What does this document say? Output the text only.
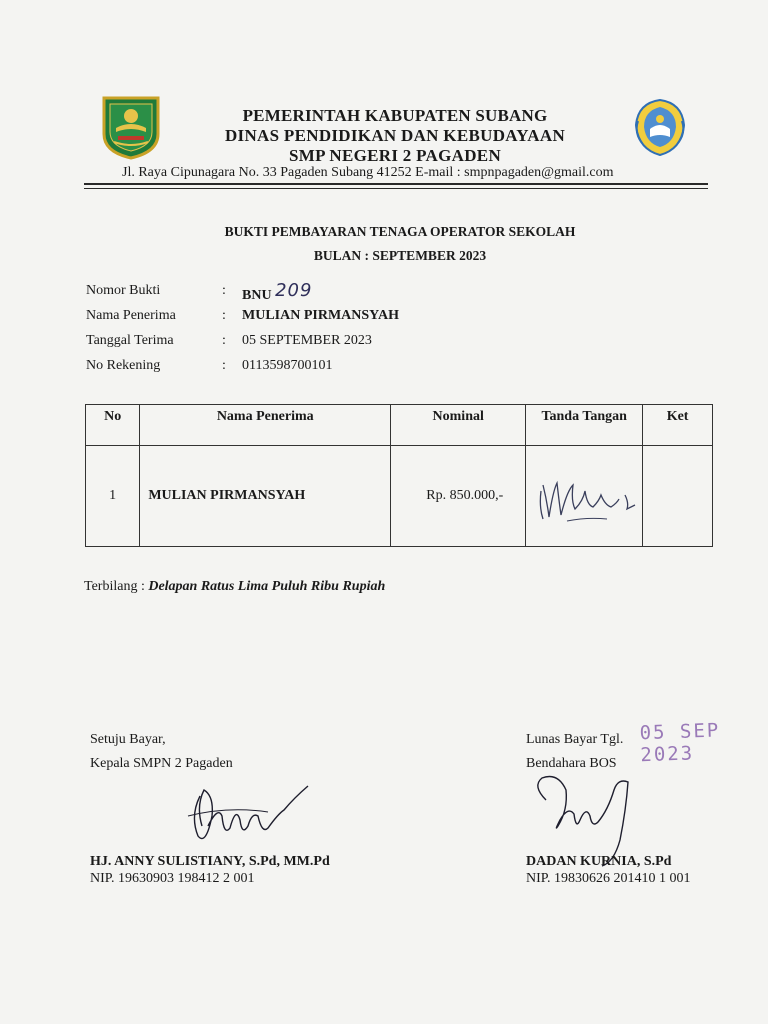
PEMERINTAH KABUPATEN SUBANG
DINAS PENDIDIKAN DAN KEBUDAYAAN
SMP NEGERI 2 PAGADEN
Jl. Raya Cipunagara No. 33 Pagaden Subang 41252 E-mail : smpnpagaden@gmail.com
BUKTI PEMBAYARAN TENAGA OPERATOR SEKOLAH
BULAN : SEPTEMBER 2023
Nomor Bukti	: BNU 209
Nama Penerima	: MULIAN PIRMANSYAH
Tanggal Terima	: 05 SEPTEMBER 2023
No Rekening	: 0113598700101
No	Nama Penerima	Nominal	Tanda Tangan	Ket
1	MULIAN PIRMANSYAH	Rp. 850.000,-	

Terbilang : Delapan Ratus Lima Puluh Ribu Rupiah
Setuju Bayar,
Kepala SMPN 2 Pagaden
HJ. ANNY SULISTIANY, S.Pd, MM.Pd
NIP. 19630903 198412 2 001
Lunas Bayar Tgl.
Bendahara BOS
05 SEP 2023
DADAN KURNIA, S.Pd
NIP. 19830626 201410 1 001
